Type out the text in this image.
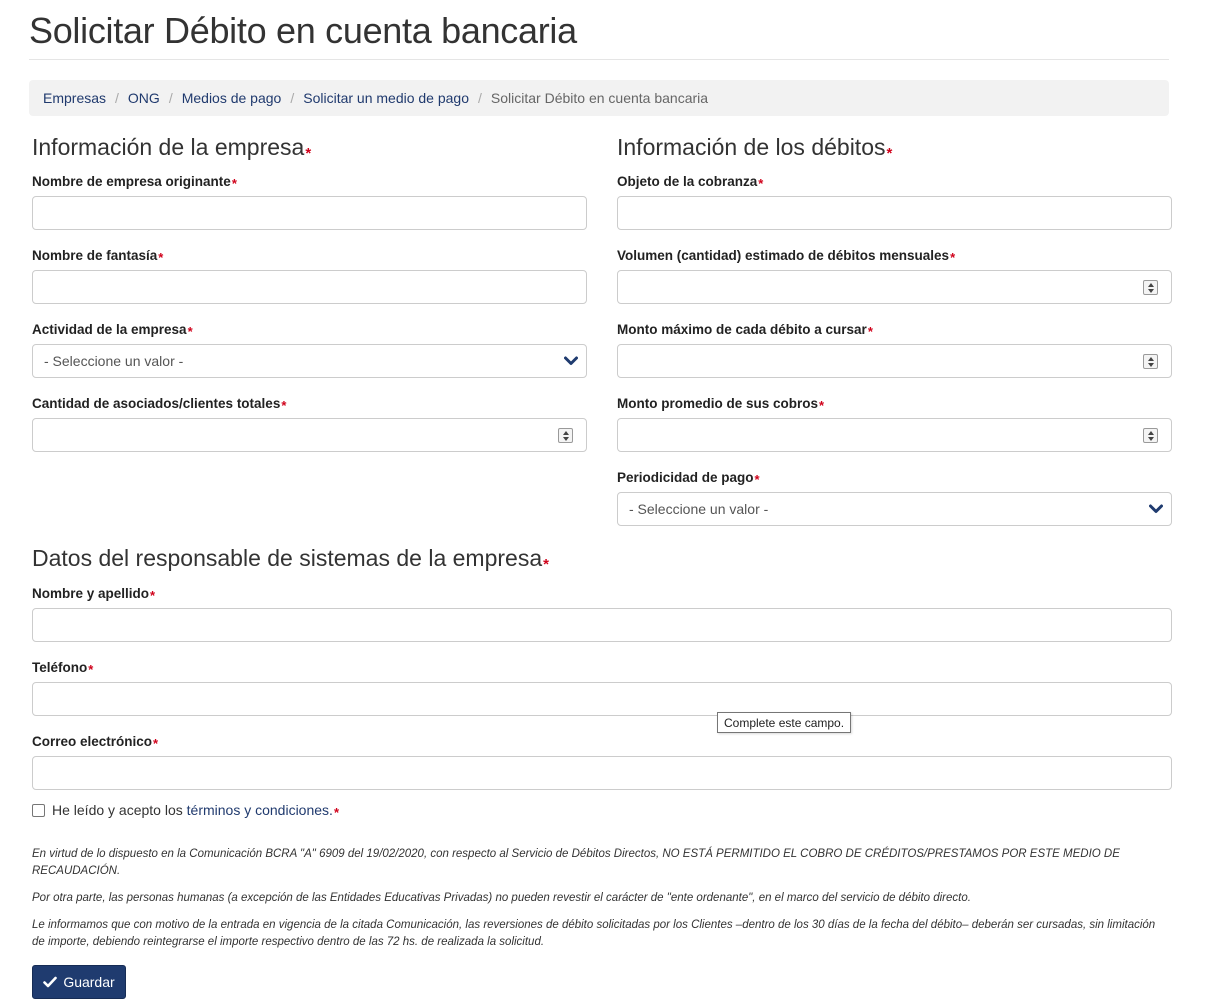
Solicitar Débito en cuenta bancaria
Empresas / ONG / Medios de pago / Solicitar un medio de pago / Solicitar Débito en cuenta bancaria
Información de la empresa*
Nombre de empresa originante*
Nombre de fantasía*
Actividad de la empresa*
- Seleccione un valor -
Cantidad de asociados/clientes totales*
Información de los débitos*
Objeto de la cobranza*
Volumen (cantidad) estimado de débitos mensuales*
Monto máximo de cada débito a cursar*
Monto promedio de sus cobros*
Periodicidad de pago*
- Seleccione un valor -
Datos del responsable de sistemas de la empresa*
Nombre y apellido*
Teléfono*
Correo electrónico*
Complete este campo.
He leído y acepto los
términos y condiciones. *

En virtud de lo dispuesto en la Comunicación BCRA "A" 6909 del 19/02/2020, con respecto al Servicio de Débitos Directos, NO ESTÁ PERMITIDO EL COBRO DE CRÉDITOS/PRESTAMOS POR ESTE MEDIO DE RECAUDACIÓN.

Por otra parte, las personas humanas (a excepción de las Entidades Educativas Privadas) no pueden revestir el carácter de "ente ordenante", en el marco del servicio de débito directo.

Le informamos que con motivo de la entrada en vigencia de la citada Comunicación, las reversiones de débito solicitadas por los Clientes –dentro de los 30 días de la fecha del débito– deberán ser cursadas, sin limitación de importe, debiendo reintegrarse el importe respectivo dentro de las 72 hs. de realizada la solicitud.

Guardar
